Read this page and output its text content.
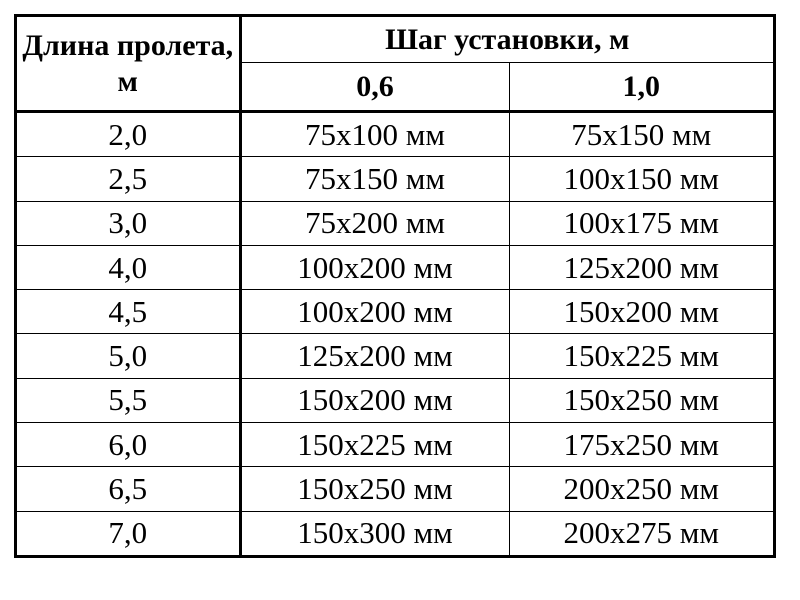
Длина пролета, м	Шаг установки, м	
	0,6	1,0
2,0	75х100 мм	75х150 мм
2,5	75х150 мм	100х150 мм
3,0	75х200 мм	100х175 мм
4,0	100х200 мм	125х200 мм
4,5	100х200 мм	150х200 мм
5,0	125х200 мм	150х225 мм
5,5	150х200 мм	150х250 мм
6,0	150х225 мм	175х250 мм
6,5	150х250 мм	200х250 мм
7,0	150х300 мм	200х275 мм
